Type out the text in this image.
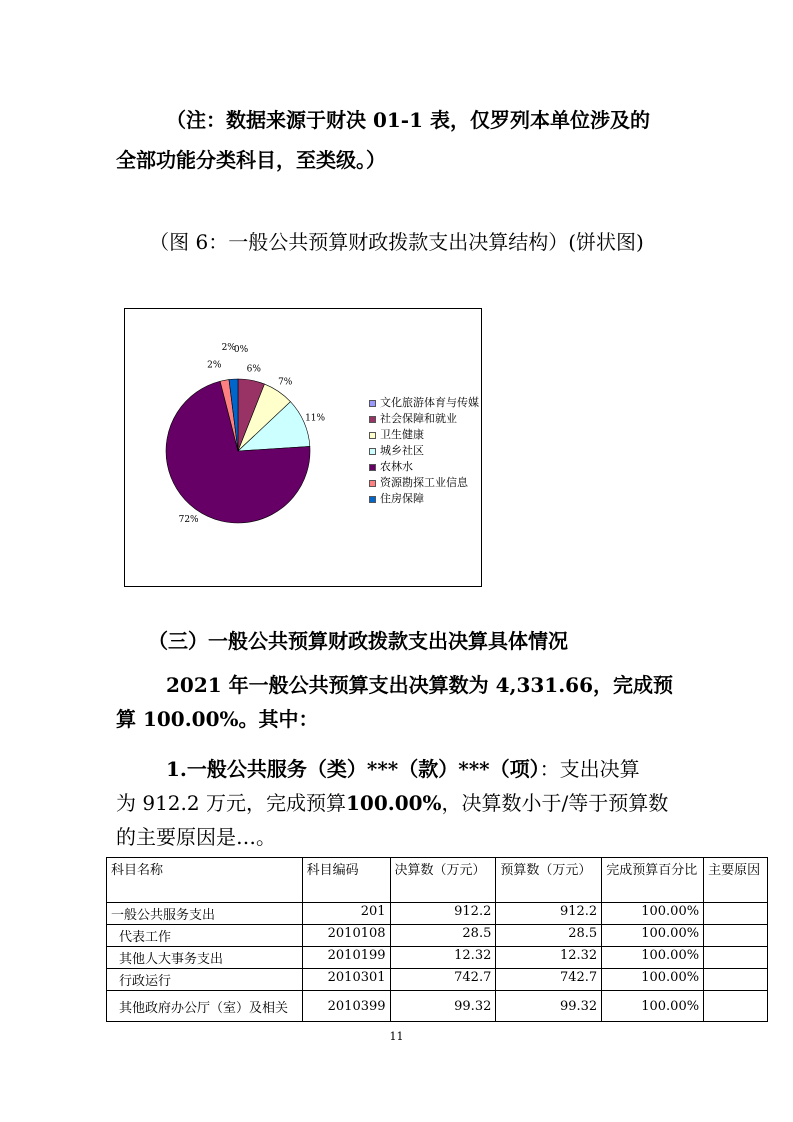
（注：数据来源于财决 01-1 表，仅罗列本单位涉及的
全部功能分类科目，至类级。）
（图 6：一般公共预算财政拨款支出决算结构）(饼状图)
0%
6%
7%
11%
72%
2%
2%
文化旅游体育与传媒
社会保障和就业
卫生健康
城乡社区
农林水
资源勘探工业信息
住房保障
（三）一般公共预算财政拨款支出决算具体情况
2021 年一般公共预算支出决算数为 4,331.66，完成预
算 100.00%。其中：
1.一般公共服务（类）***（款）***（项）：支出决算
为 912.2 万元，完成预算100.00%，决算数小于/等于预算数
的主要原因是…。
科目名称	科目编码	决算数（万元）	预算数（万元）	完成预算百分比	主要原因
一般公共服务支出	201	912.2	912.2	100.00%	
代表工作	2010108	28.5	28.5	100.00%	
其他人大事务支出	2010199	12.32	12.32	100.00%	
行政运行	2010301	742.7	742.7	100.00%	
其他政府办公厅（室）及相关	2010399	99.32	99.32	100.00%	
11
